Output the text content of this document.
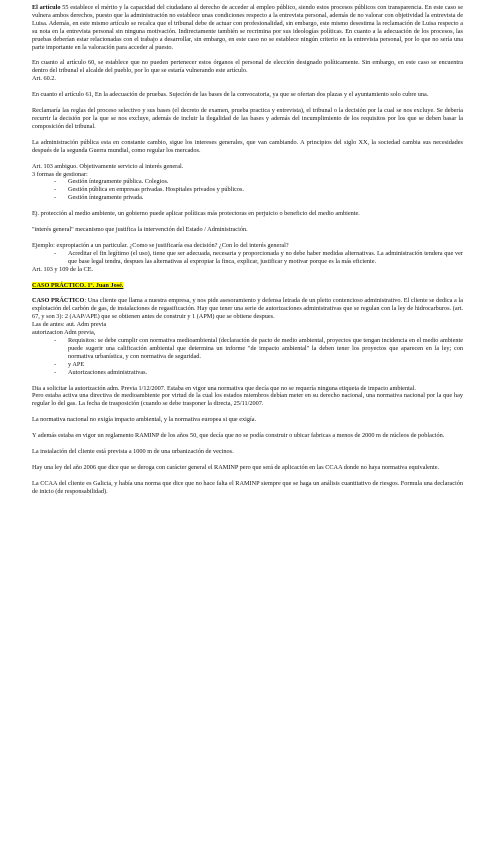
El artículo 55 establece el mérito y la capacidad del ciudadano al derecho de acceder al empleo público, siendo estos procesos públicos con transparencia. En este caso se vulnera ambos derechos, puesto que la administración no establece unas condiciones respecto a la entrevista personal, además de no valorar con objetividad la entrevista de Luisa. Además, en este mismo artículo se recalca que el tribunal debe de actuar con profesionalidad, sin embargo, este mismo desestima la reclamación de Luisa respecto a su nota en la entrevista personal sin ninguna motivación. Indirectamente también se recrimina por sus ideologías políticas. En cuanto a la adecuación de los procesos, las pruebas deberían estar relacionadas con el trabajo a desarrollar, sin embargo, en este caso no se establece ningún criterio en la entrevista personal, por lo que no sería una parte importante en la valoración para acceder al puesto.

En cuanto al artículo 60, se establece que no pueden pertenecer estos órganos el personal de elección designado políticamente. Sin embargo, en este caso se encuentra dentro del tribunal el alcalde del pueblo, por lo que se estaría vulnerando este artículo.

Art. 60.2.

En cuanto el artículo 61, En la adecuación de pruebas. Sujeción de las bases de la convocatoria, ya que se ofertan dos plazas y el ayuntamiento solo cubre una.

Reclamaría las reglas del proceso selectivo y sus bases (el decreto de examen, prueba practica y entrevista), el tribunal o la decisión por la cual se nos excluye. Se debería recurrir la decisión por la que se nos excluye, además de incluir la ilegalidad de las bases y además del incumplimiento de los requisitos por los que se deben basar la composición del tribunal.

La administración pública esta en constante cambio, sigue los intereses generales, que van cambiando. A principios del siglo XX, la sociedad cambia sus necesidades después de la segunda Guerra mundial, como regular los mercados.

Art. 103 ambiguo. Objetivamente servicio al interés general.

3 formas de gestionar:

- Gestión íntegramente pública. Colegios.
- Gestión pública en empresas privadas. Hospitales privados y públicos.
- Gestión íntegramente privada.

Ej. protección al medio ambiente, un gobierno puede aplicar políticas más protectoras en perjuicio o beneficio del medio ambiente.

"interés general" mecanismo que justifica la intervención del Estado / Administración.

Ejemplo: expropiación a un particular. ¿Como se justificaría esa decisión? ¿Con lo del interés general?

- Acreditar el fin legítimo (el uso), tiene que ser adecuada, necesaria y proporcionada y no debe haber medidas alternativas. La administración tendera que ver que base legal tendra, despues las alternativas al expropiar la finca, explicar, justificar y motivar porque es la más eficiente.

Art. 103 y 109 de la CE.

CASO PRÁCTICO. 1º. Juan José.

CASO PRÁCTICO: Una cliente que llama a nuestra empresa, y nos pide asesoramiento y defensa letrada de un pleito contencioso administrativo. El cliente se dedica a la explotación del carbón de gas, de instalaciones de regasificación. Hay que tener una serie de autorizaciones administrativas que se regulan con la ley de hidrocarburos. (art. 67, y son 3): 2 (AAP/APE) que se obtienen antes de construir y 1 (APM) que se obtiene despues.

Las de antes: aut. Adm previa

autorizacion Adm previa,

- Requisitos: se debe cumplir con normativa medioambiental (declaración de pacto de medio ambiental, proyectos que tengan incidencia en el medio ambiente puede sugerir una calificación ambiental que determina un informe "de impacto ambiental" la deben tener los proyectos que aparecen en la ley; con normativa urbanística, y con normativa de seguridad.
- y APE
- Autorizaciones administrativas.

Dia a solicitar la autorización adm. Previa 1/12/2007. Estaba en vigor una normativa que decía que no se requería ninguna etiqueta de impacto ambiental.

Pero estaba activa una directiva de medioambiente por virtud de la cual los estados miembros debían meter en su derecho nacional, una normativa nacional por la que hay regular lo del gas. La fecha de trasposición (cuando se debe trasponer la directa, 25/11/2007.

La normativa nacional no exigía impacto ambiental, y la normativa europea si que exigía.

Y además estaba en vigor un reglamento RAMINP de los años 50, que decía que no se podía construir o ubicar fabricas a menos de 2000 m de núcleos de población.

La instalación del cliente está prevista a 1000 m de una urbanización de vecinos.

Hay una ley del año 2006 que dice que se deroga con carácter general el RAMINP pero que será de aplicación en las CCAA donde no haya normativa equivalente.

La CCAA del cliente es Galicia, y había una norma que dice que no hace falta el RAMINP siempre que se haga un análisis cuantitativo de riesgos. Formula una declaración de inicio (de responsabilidad).
